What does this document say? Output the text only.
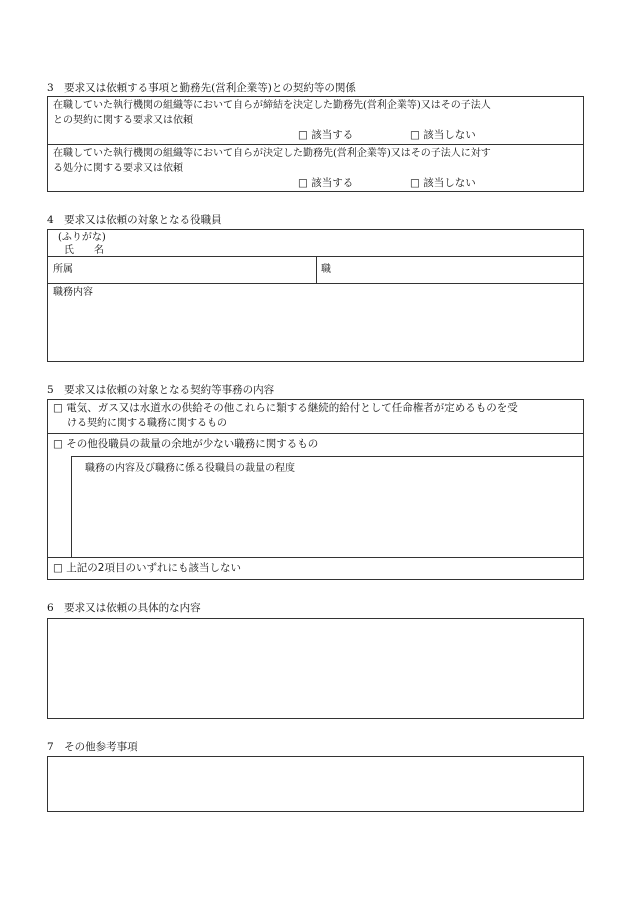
3　要求又は依頼する事項と勤務先(営利企業等)との契約等の関係
在職していた執行機関の組織等において自らが締結を決定した勤務先(営利企業等)又はその子法人
との契約に関する要求又は依頼
□ 該当する	□ 該当しない
在職していた執行機関の組織等において自らが決定した勤務先(営利企業等)又はその子法人に対す
る処分に関する要求又は依頼
□ 該当する	□ 該当しない
4　要求又は依頼の対象となる役職員
(ふりがな)
氏　　名
所属	職
職務内容
5　要求又は依頼の対象となる契約等事務の内容
□ 電気、ガス又は水道水の供給その他これらに類する継続的給付として任命権者が定めるものを受
ける契約に関する職務に関するもの
□ その他役職員の裁量の余地が少ない職務に関するもの
職務の内容及び職務に係る役職員の裁量の程度
□ 上記の2項目のいずれにも該当しない
6　要求又は依頼の具体的な内容
7　その他参考事項
